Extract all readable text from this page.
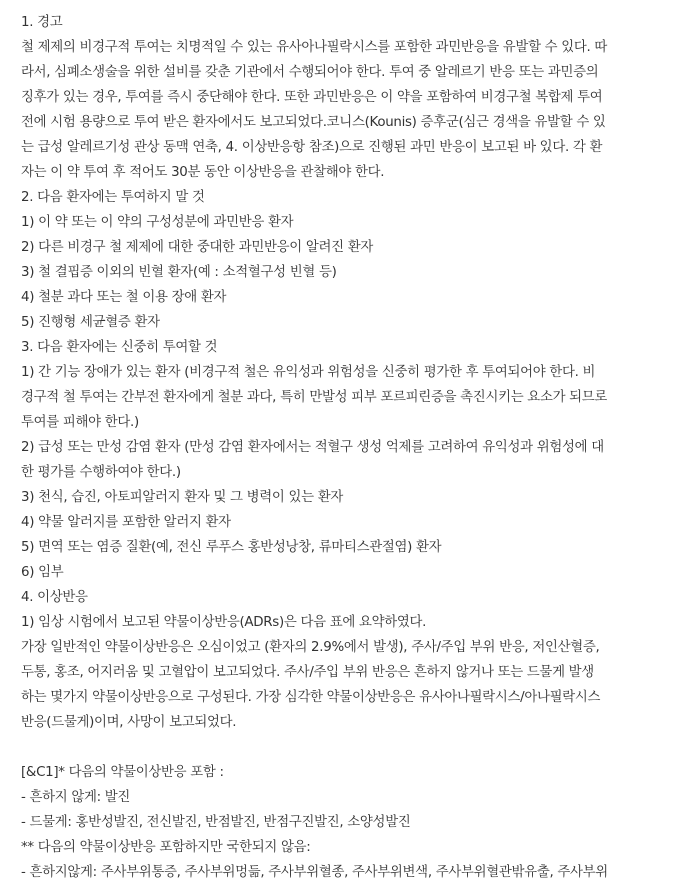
1. 경고
철 제제의 비경구적 투여는 치명적일 수 있는 유사아나필락시스를 포함한 과민반응을 유발할 수 있다. 따
라서, 심폐소생술을 위한 설비를 갖춘 기관에서 수행되어야 한다. 투여 중 알레르기 반응 또는 과민증의
징후가 있는 경우, 투여를 즉시 중단해야 한다. 또한 과민반응은 이 약을 포함하여 비경구철 복합제 투여
전에 시험 용량으로 투여 받은 환자에서도 보고되었다.코니스(Kounis) 증후군(심근 경색을 유발할 수 있
는 급성 알레르기성 관상 동맥 연축, 4. 이상반응항 참조)으로 진행된 과민 반응이 보고된 바 있다. 각 환
자는 이 약 투여 후 적어도 30분 동안 이상반응을 관찰해야 한다.
2. 다음 환자에는 투여하지 말 것
1) 이 약 또는 이 약의 구성성분에 과민반응 환자
2) 다른 비경구 철 제제에 대한 중대한 과민반응이 알려진 환자
3) 철 결핍증 이외의 빈혈 환자(예 : 소적혈구성 빈혈 등)
4) 철분 과다 또는 철 이용 장애 환자
5) 진행형 세균혈증 환자
3. 다음 환자에는 신중히 투여할 것
1) 간 기능 장애가 있는 환자 (비경구적 철은 유익성과 위험성을 신중히 평가한 후 투여되어야 한다. 비
경구적 철 투여는 간부전 환자에게 철분 과다, 특히 만발성 피부 포르피린증을 촉진시키는 요소가 되므로
투여를 피해야 한다.)
2) 급성 또는 만성 감염 환자 (만성 감염 환자에서는 적혈구 생성 억제를 고려하여 유익성과 위험성에 대
한 평가를 수행하여야 한다.)
3) 천식, 습진, 아토피알러지 환자 및 그 병력이 있는 환자
4) 약물 알러지를 포함한 알러지 환자
5) 면역 또는 염증 질환(예, 전신 루푸스 홍반성낭창, 류마티스관절염) 환자
6) 임부
4. 이상반응
1) 임상 시험에서 보고된 약물이상반응(ADRs)은 다음 표에 요약하였다.
가장 일반적인 약물이상반응은 오심이었고 (환자의 2.9%에서 발생), 주사/주입 부위 반응, 저인산혈증,
두통, 홍조, 어지러움 및 고혈압이 보고되었다. 주사/주입 부위 반응은 흔하지 않거나 또는 드물게 발생
하는 몇가지 약물이상반응으로 구성된다. 가장 심각한 약물이상반응은 유사아나필락시스/아나필락시스
반응(드물게)이며, 사망이 보고되었다.
[&C1]* 다음의 약물이상반응 포함 :
- 흔하지 않게: 발진
- 드물게: 홍반성발진, 전신발진, 반점발진, 반점구진발진, 소양성발진
** 다음의 약물이상반응 포함하지만 국한되지 않음:
- 흔하지않게: 주사부위통증, 주사부위멍듦, 주사부위혈종, 주사부위변색, 주사부위혈관밖유출, 주사부위
